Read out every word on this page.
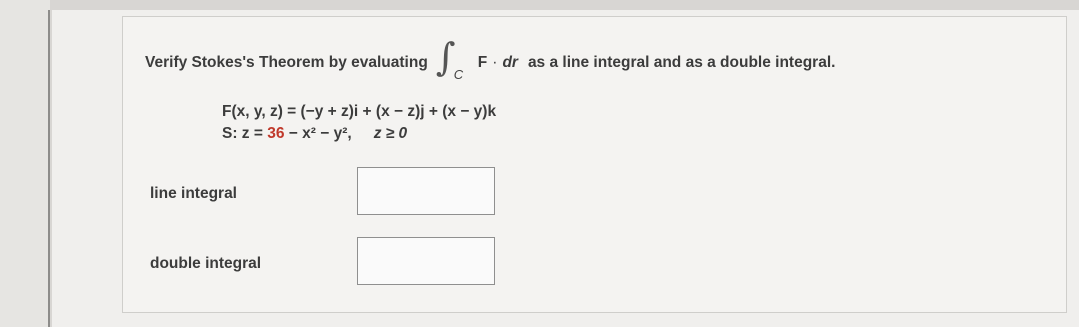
Verify Stokes's Theorem by evaluating ∫
C
F · dr as a line integral and as a double integral.
F(x, y, z) = (−y + z)i + (x − z)j + (x − y)k
S: z = 36 − x² − y², z ≥ 0
line integral
double integral
